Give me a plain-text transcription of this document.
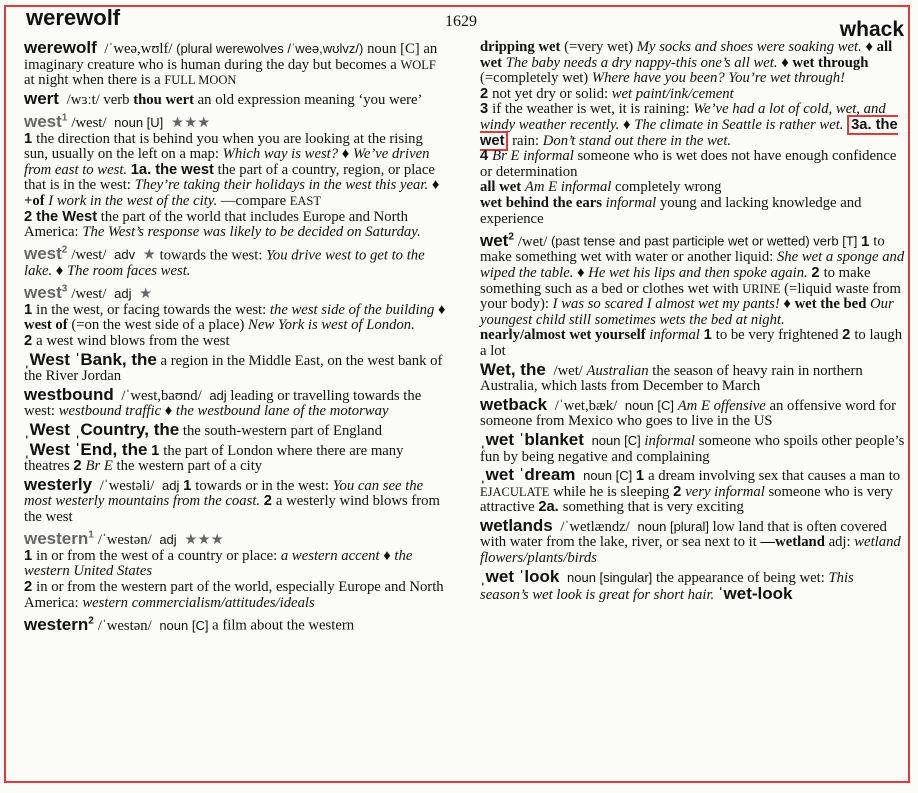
werewolf	1629	whack
werewolf /ˈweə,wʊlf/ (plural werewolves /ˈweə,wʊlvz/) noun [C] an imaginary creature who is human during the day but becomes a WOLF at night when there is a FULL MOON
wert /wɜːt/ verb thou wert an old expression meaning ‘you were’
west$^1$ /west/ noun [U] ★★★
1 the direction that is behind you when you are looking at the rising sun, usually on the left on a map: Which way is west? ♦ We’ve driven from east to west. 1a. the west the part of a country, region, or place that is in the west: They’re taking their holidays in the west this year. ♦ +of I work in the west of the city. —compare EAST
2 the West the part of the world that includes Europe and North America: The West’s response was likely to be decided on Saturday.
west$^2$ /west/ adv ★ towards the west: You drive west to get to the lake. ♦ The room faces west.
west$^3$ /west/ adj ★
1 in the west, or facing towards the west: the west side of the building ♦ west of (=on the west side of a place) New York is west of London.
2 a west wind blows from the west
ˌWest ˈBank, the a region in the Middle East, on the west bank of the River Jordan
westbound /ˈwest,baʊnd/ adj leading or travelling towards the west: westbound traffic ♦ the westbound lane of the motorway
ˌWest ˌCountry, the the south-western part of England
ˌWest ˈEnd, the 1 the part of London where there are many theatres 2 Br E the western part of a city
westerly /ˈwestəli/ adj 1 towards or in the west: You can see the most westerly mountains from the coast. 2 a westerly wind blows from the west
western$^1$ /ˈwestən/ adj ★★★
1 in or from the west of a country or place: a western accent ♦ the western United States
2 in or from the western part of the world, especially Europe and North America: western commercialism/attitudes/ideals
western$^2$ /ˈwestən/ noun [C] a film about the western
dripping wet (=very wet) My socks and shoes were soaking wet. ♦ all wet The baby needs a dry nappy-this one’s all wet. ♦ wet through (=completely wet) Where have you been? You’re wet through!
2 not yet dry or solid: wet paint/ink/cement
3 if the weather is wet, it is raining: We’ve had a lot of cold, wet, and windy weather recently. ♦ The climate in Seattle is rather wet. 3a. the wet rain: Don’t stand out there in the wet.
4 Br E informal someone who is wet does not have enough confidence or determination
all wet Am E informal completely wrong
wet behind the ears informal young and lacking knowledge and experience
wet$^2$ /wet/ (past tense and past participle wet or wetted) verb [T] 1 to make something wet with water or another liquid: She wet a sponge and wiped the table. ♦ He wet his lips and then spoke again. 2 to make something such as a bed or clothes wet with URINE (=liquid waste from your body): I was so scared I almost wet my pants! ♦ wet the bed Our youngest child still sometimes wets the bed at night.
nearly/almost wet yourself informal 1 to be very frightened 2 to laugh a lot
Wet, the /wet/ Australian the season of heavy rain in northern Australia, which lasts from December to March
wetback /ˈwet,bæk/ noun [C] Am E offensive an offensive word for someone from Mexico who goes to live in the US
ˌwet ˈblanket noun [C] informal someone who spoils other people’s fun by being negative and complaining
ˌwet ˈdream noun [C] 1 a dream involving sex that causes a man to EJACULATE while he is sleeping 2 very informal someone who is very attractive 2a. something that is very exciting
wetlands /ˈwetlændz/ noun [plural] low land that is often covered with water from the lake, river, or sea next to it —wetland adj: wetland flowers/plants/birds
ˌwet ˈlook noun [singular] the appearance of being wet: This season’s wet look is great for short hair. ˈwet-look
